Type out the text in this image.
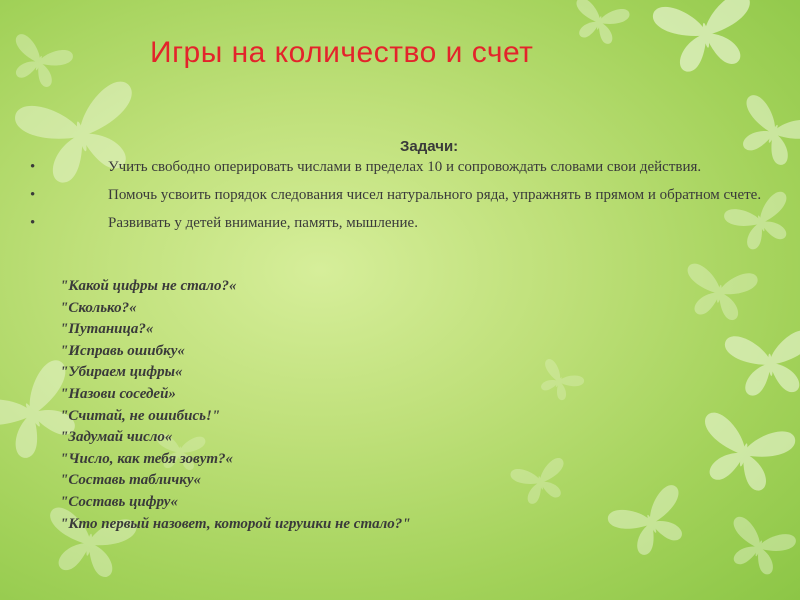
Игры на количество и счет
Задачи:
•	Учить свободно оперировать числами в пределах 10 и сопровождать словами свои действия.
•	Помочь усвоить порядок следования чисел натурального ряда, упражнять в прямом и обратном счете.
•	Развивать у детей внимание, память, мышление.
"Какой цифры не стало?«
"Сколько?«
"Путаница?«
"Исправь ошибку«
"Убираем цифры«
"Назови соседей»
"Считай, не ошибись!"
"Задумай число«
"Число, как тебя зовут?«
"Составь табличку«
"Составь цифру«
"Кто первый назовет, которой игрушки не стало?"
